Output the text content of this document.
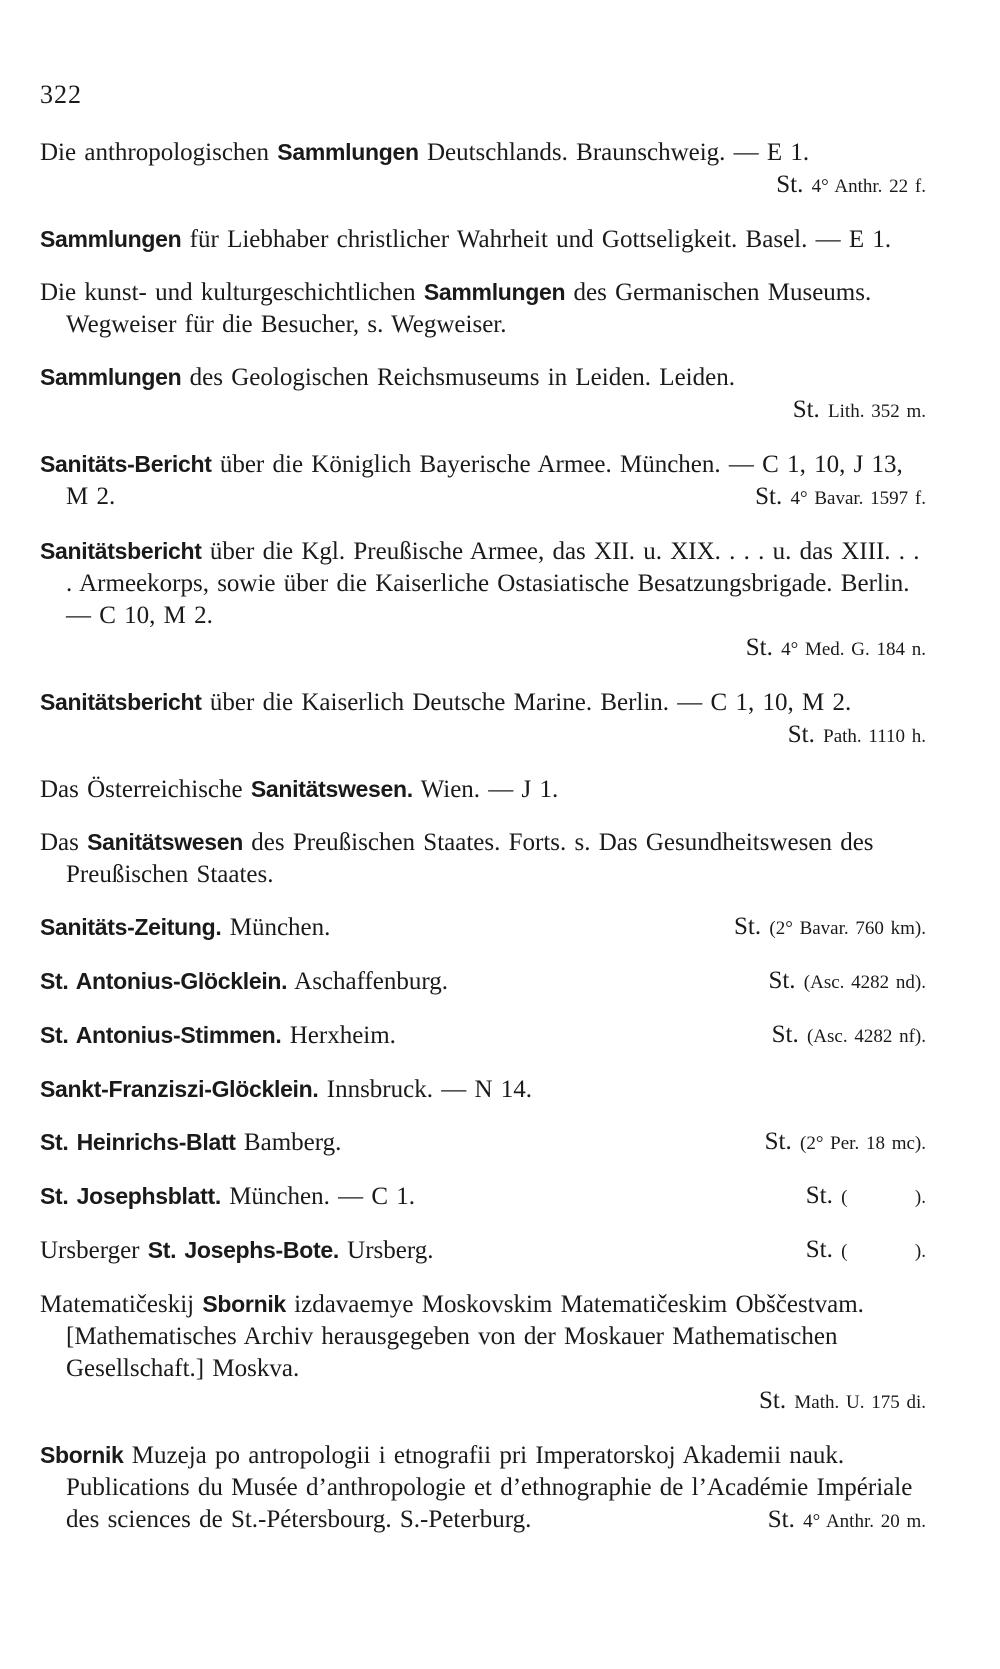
322
Die anthropologischen Sammlungen Deutschlands. Braunschweig. — E 1.
St. 4° Anthr. 22 f.
Sammlungen für Liebhaber christlicher Wahrheit und Gottseligkeit. Basel. — E 1.
Die kunst- und kulturgeschichtlichen Sammlungen des Germanischen Museums. Wegweiser für die Besucher, s. Wegweiser.
Sammlungen des Geologischen Reichsmuseums in Leiden. Leiden.
St. Lith. 352 m.
Sanitäts-Bericht über die Königlich Bayerische Armee. München. — C 1, 10, J 13, M 2.	St. 4° Bavar. 1597 f.
Sanitätsbericht über die Kgl. Preußische Armee, das XII. u. XIX. . . . u. das XIII. . . . Armeekorps, sowie über die Kaiserliche Ostasiatische Besatzungsbrigade. Berlin. — C 10, M 2.
St. 4° Med. G. 184 n.
Sanitätsbericht über die Kaiserlich Deutsche Marine. Berlin. — C 1, 10, M 2.
St. Path. 1110 h.
Das Österreichische Sanitätswesen. Wien. — J 1.
Das Sanitätswesen des Preußischen Staates. Forts. s. Das Gesundheitswesen des Preußischen Staates.
Sanitäts-Zeitung. München.	St. (2° Bavar. 760 km).
St. Antonius-Glöcklein. Aschaffenburg.	St. (Asc. 4282 nd).
St. Antonius-Stimmen. Herxheim.	St. (Asc. 4282 nf).
Sankt-Franziszi-Glöcklein. Innsbruck. — N 14.
St. Heinrichs-Blatt Bamberg.	St. (2° Per. 18 mc).
St. Josephsblatt. München. — C 1.	St. (          ).
Ursberger St. Josephs-Bote. Ursberg.	St. (          ).
Matematičeskij Sbornik izdavaemye Moskovskim Matematičeskim Obščestvam. [Mathematisches Archiv herausgegeben von der Moskauer Mathematischen Gesellschaft.] Moskva.
St. Math. U. 175 di.
Sbornik Muzeja po antropologii i etnografii pri Imperatorskoj Akademii nauk. Publications du Musée d’anthropologie et d’ethnographie de l’Académie Impériale des sciences de St.-Pétersbourg. S.-Peterburg.	St. 4° Anthr. 20 m.
